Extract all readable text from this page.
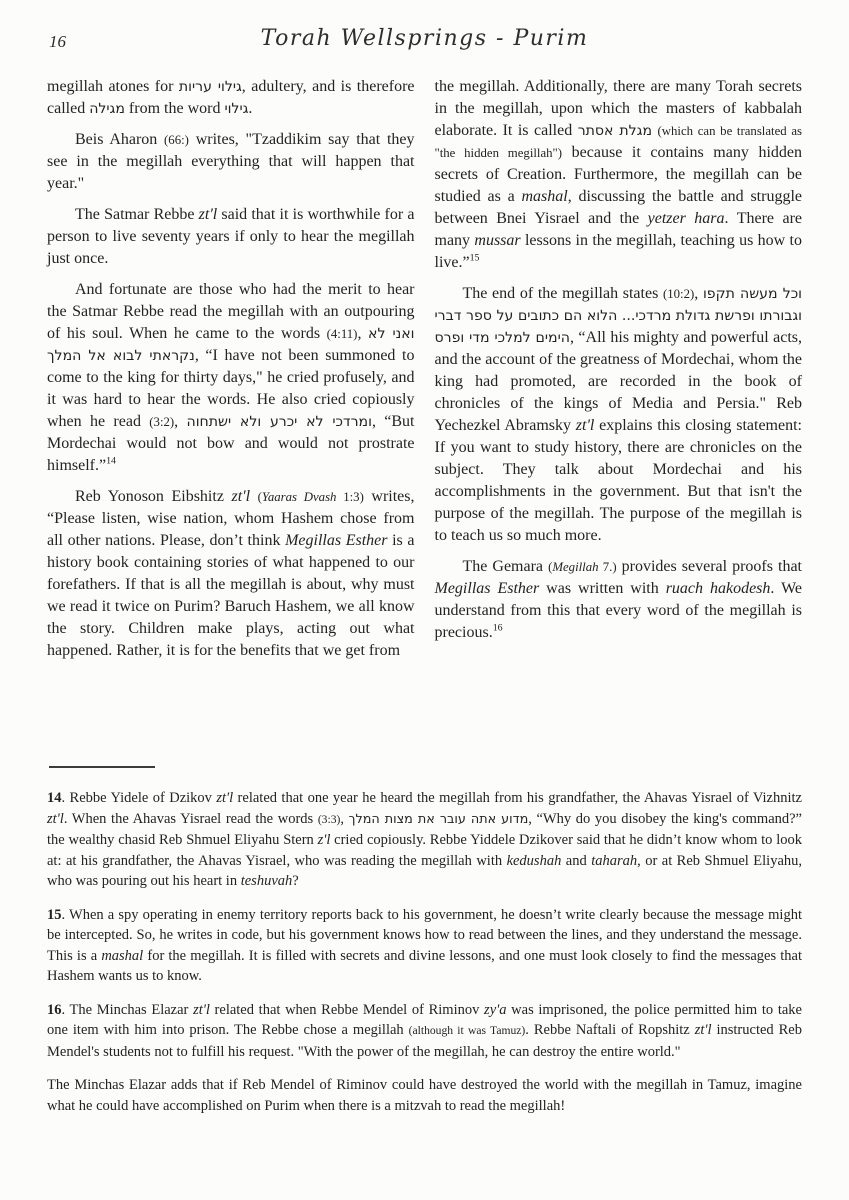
16	Torah Wellsprings - Purim

megillah atones for גילוי עריות, adultery, and is therefore called מגילה from the word גילוי.

Beis Aharon (66:) writes, "Tzaddikim say that they see in the megillah everything that will happen that year."

The Satmar Rebbe zt'l said that it is worthwhile for a person to live seventy years if only to hear the megillah just once.

And fortunate are those who had the merit to hear the Satmar Rebbe read the megillah with an outpouring of his soul. When he came to the words (4:11), ואני לא נקראתי לבוא אל המלך, “I have not been summoned to come to the king for thirty days," he cried profusely, and it was hard to hear the words. He also cried copiously when he read (3:2), ומרדכי לא יכרע ולא ישתחוה, “But Mordechai would not bow and would not prostrate himself.”$^{14}$

Reb Yonoson Eibshitz zt'l (Yaaras Dvash 1:3) writes, “Please listen, wise nation, whom Hashem chose from all other nations. Please, don’t think Megillas Esther is a history book containing stories of what happened to our forefathers. If that is all the megillah is about, why must we read it twice on Purim? Baruch Hashem, we all know the story. Children make plays, acting out what happened. Rather, it is for the benefits that we get from

the megillah. Additionally, there are many Torah secrets in the megillah, upon which the masters of kabbalah elaborate. It is called מגלת אסתר (which can be translated as "the hidden megillah") because it contains many hidden secrets of Creation. Furthermore, the megillah can be studied as a mashal, discussing the battle and struggle between Bnei Yisrael and the yetzer hara. There are many mussar lessons in the megillah, teaching us how to live.”$^{15}$

The end of the megillah states (10:2), וכל מעשה תקפו וגבורתו ופרשת גדולת מרדכי... הלוא הם כתובים על ספר דברי הימים למלכי מדי ופרס, “All his mighty and powerful acts, and the account of the greatness of Mordechai, whom the king had promoted, are recorded in the book of chronicles of the kings of Media and Persia." Reb Yechezkel Abramsky zt'l explains this closing statement: If you want to study history, there are chronicles on the subject. They talk about Mordechai and his accomplishments in the government. But that isn't the purpose of the megillah. The purpose of the megillah is to teach us so much more.

The Gemara (Megillah 7.) provides several proofs that Megillas Esther was written with ruach hakodesh. We understand from this that every word of the megillah is precious.$^{16}$

14. Rebbe Yidele of Dzikov zt'l related that one year he heard the megillah from his grandfather, the Ahavas Yisrael of Vizhnitz zt'l. When the Ahavas Yisrael read the words (3:3), מדוע אתה עובר את מצות המלך, “Why do you disobey the king's command?” the wealthy chasid Reb Shmuel Eliyahu Stern z'l cried copiously. Rebbe Yiddele Dzikover said that he didn’t know whom to look at: at his grandfather, the Ahavas Yisrael, who was reading the megillah with kedushah and taharah, or at Reb Shmuel Eliyahu, who was pouring out his heart in teshuvah?

15. When a spy operating in enemy territory reports back to his government, he doesn’t write clearly because the message might be intercepted. So, he writes in code, but his government knows how to read between the lines, and they understand the message. This is a mashal for the megillah. It is filled with secrets and divine lessons, and one must look closely to find the messages that Hashem wants us to know.

16. The Minchas Elazar zt'l related that when Rebbe Mendel of Riminov zy'a was imprisoned, the police permitted him to take one item with him into prison. The Rebbe chose a megillah (although it was Tamuz). Rebbe Naftali of Ropshitz zt'l instructed Reb Mendel's students not to fulfill his request. "With the power of the megillah, he can destroy the entire world."

The Minchas Elazar adds that if Reb Mendel of Riminov could have destroyed the world with the megillah in Tamuz, imagine what he could have accomplished on Purim when there is a mitzvah to read the megillah!
